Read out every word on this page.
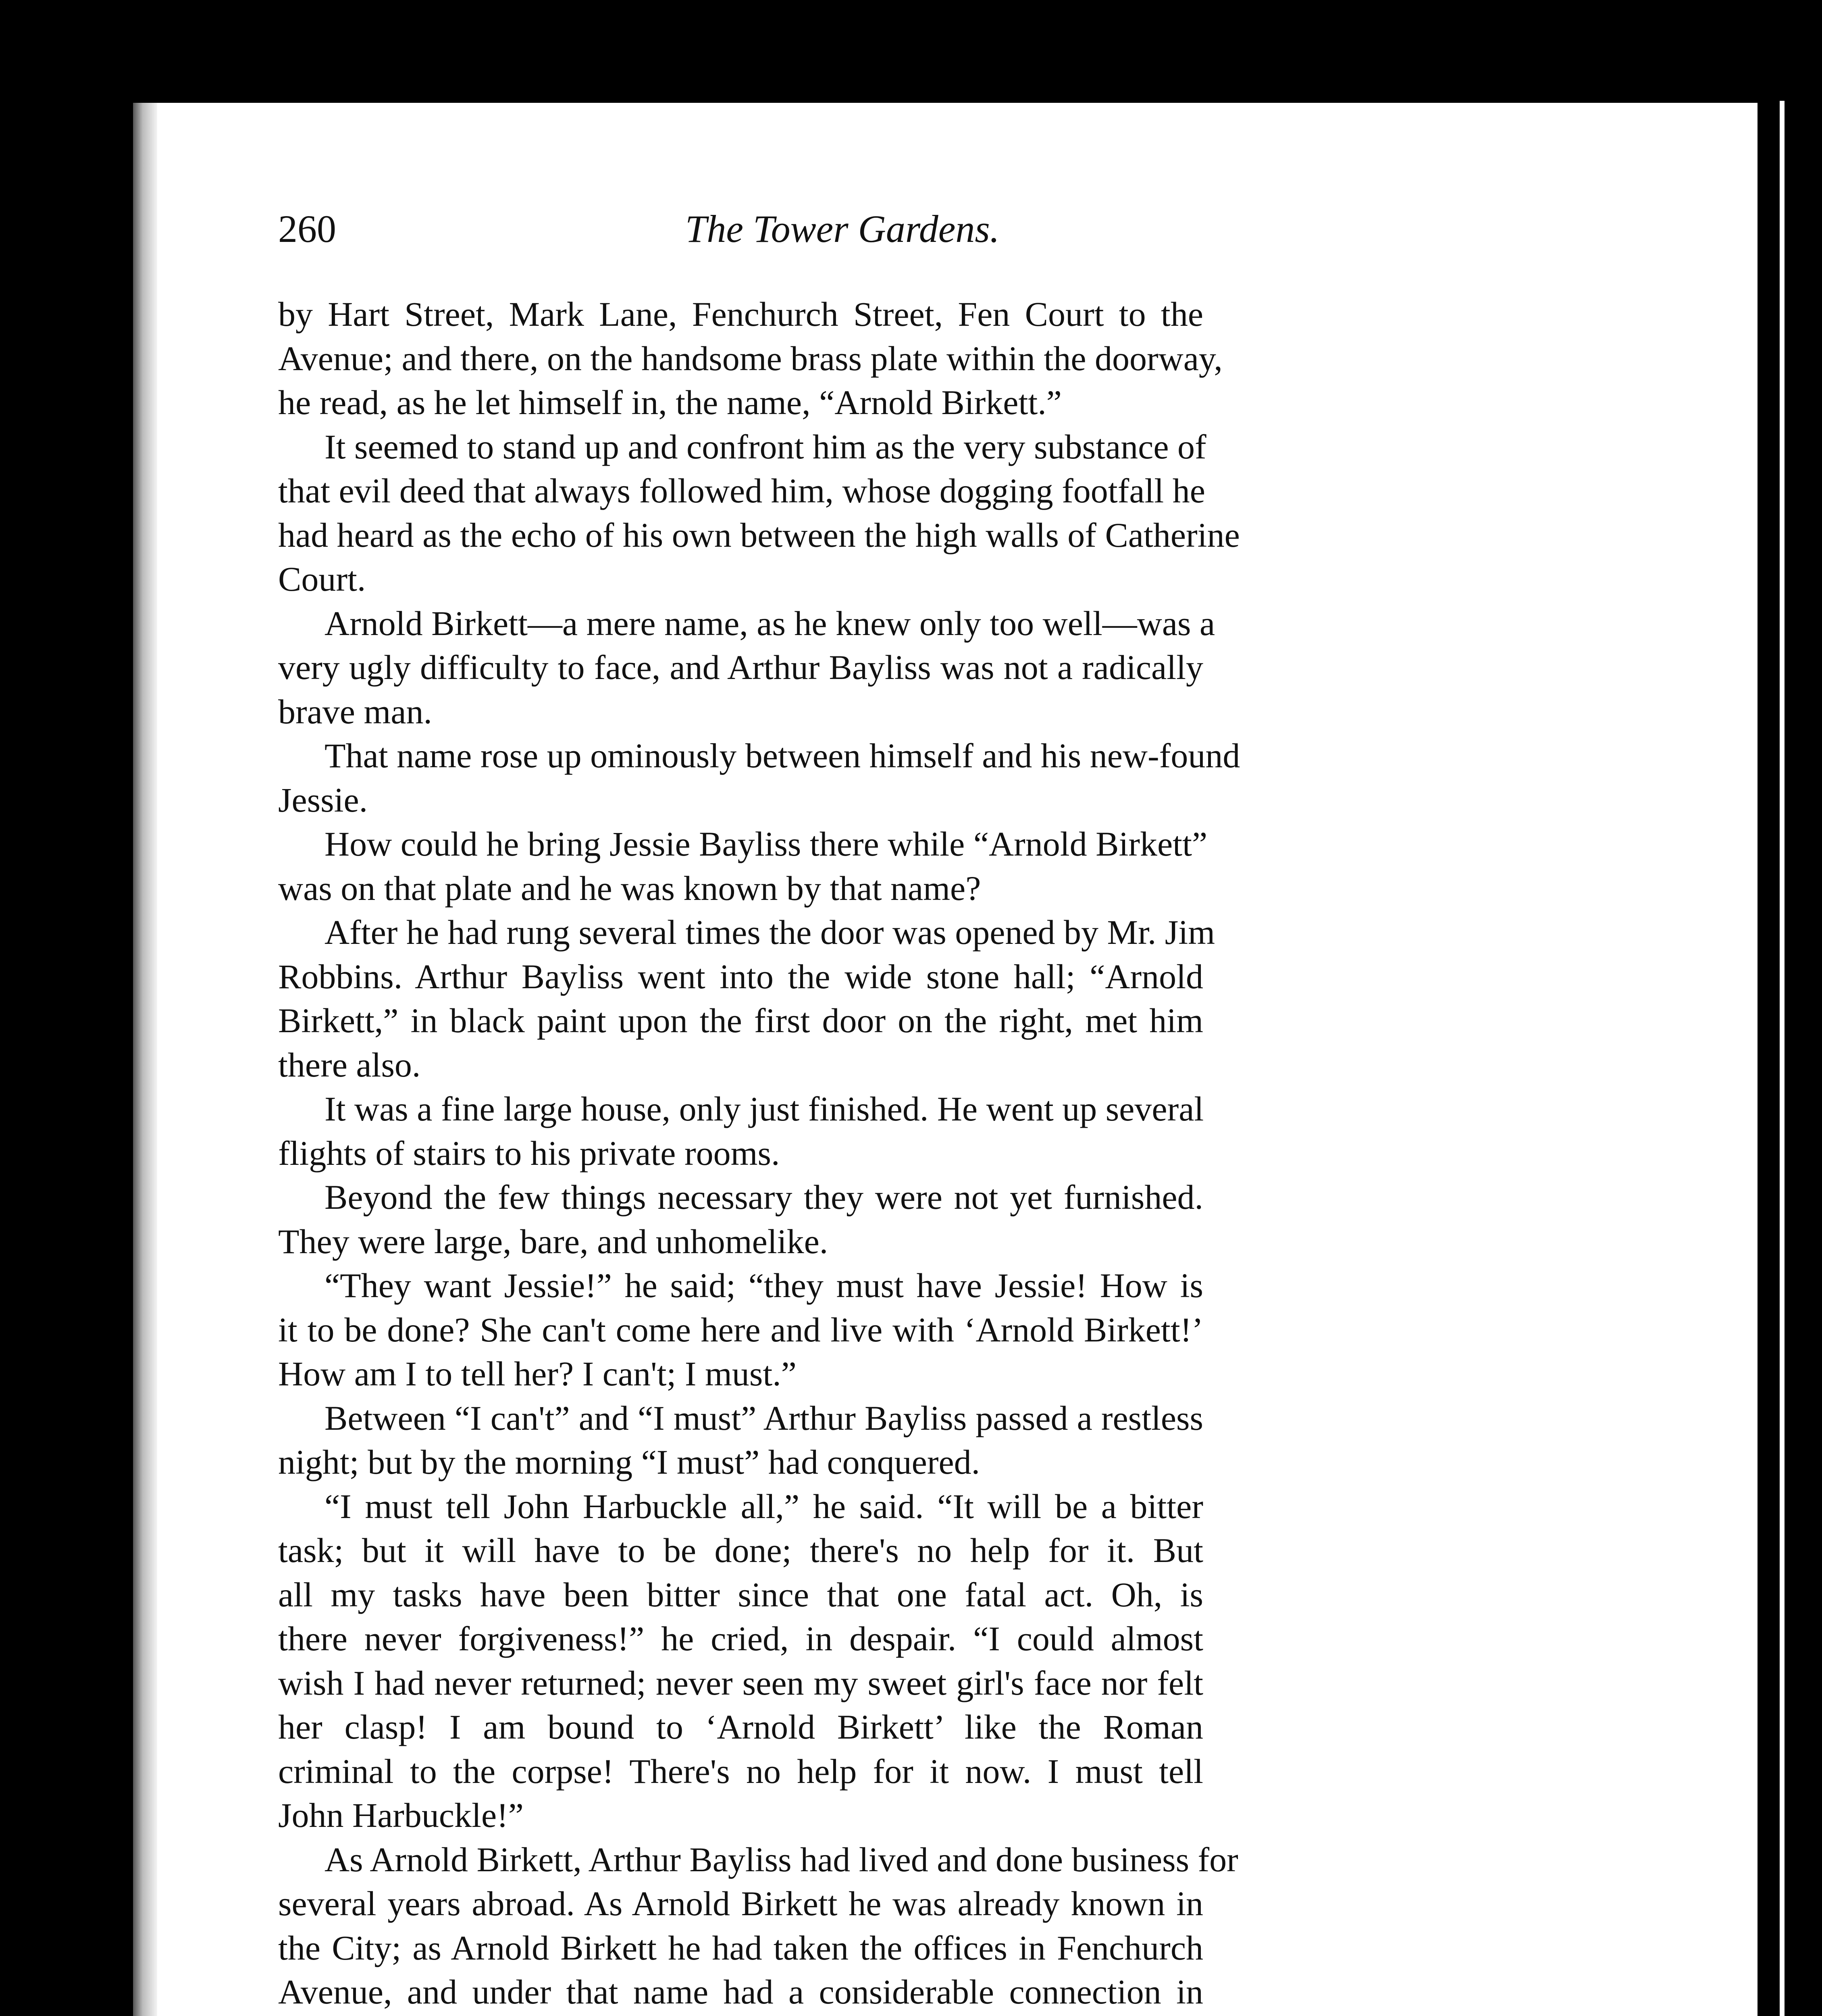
260	The Tower Gardens.
by Hart Street, Mark Lane, Fenchurch Street, Fen Court to the
Avenue; and there, on the handsome brass plate within the doorway,
he read, as he let himself in, the name, “Arnold Birkett.”
It seemed to stand up and confront him as the very substance of
that evil deed that always followed him, whose dogging footfall he
had heard as the echo of his own between the high walls of Catherine
Court.
Arnold Birkett—a mere name, as he knew only too well—was a
very ugly difficulty to face, and Arthur Bayliss was not a radically
brave man.
That name rose up ominously between himself and his new-found
Jessie.
How could he bring Jessie Bayliss there while “Arnold Birkett”
was on that plate and he was known by that name?
After he had rung several times the door was opened by Mr. Jim
Robbins. Arthur Bayliss went into the wide stone hall; “Arnold
Birkett,” in black paint upon the first door on the right, met him
there also.
It was a fine large house, only just finished. He went up several
flights of stairs to his private rooms.
Beyond the few things necessary they were not yet furnished.
They were large, bare, and unhomelike.
“They want Jessie!” he said; “they must have Jessie! How is
it to be done? She can't come here and live with ‘Arnold Birkett!’
How am I to tell her? I can't; I must.”
Between “I can't” and “I must” Arthur Bayliss passed a restless
night; but by the morning “I must” had conquered.
“I must tell John Harbuckle all,” he said. “It will be a bitter
task; but it will have to be done; there's no help for it. But
all my tasks have been bitter since that one fatal act. Oh, is
there never forgiveness!” he cried, in despair. “I could almost
wish I had never returned; never seen my sweet girl's face nor felt
her clasp! I am bound to ‘Arnold Birkett’ like the Roman
criminal to the corpse! There's no help for it now. I must tell
John Harbuckle!”
As Arnold Birkett, Arthur Bayliss had lived and done business for
several years abroad. As Arnold Birkett he was already known in
the City; as Arnold Birkett he had taken the offices in Fenchurch
Avenue, and under that name had a considerable connection in
